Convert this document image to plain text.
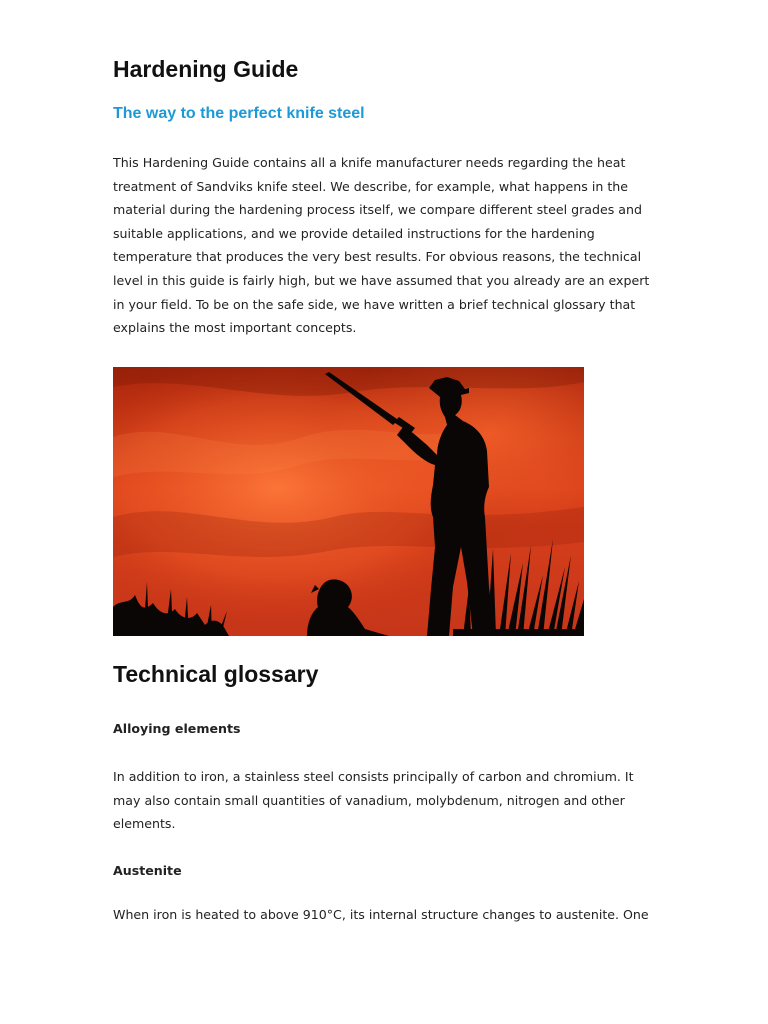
Hardening Guide
The way to the perfect knife steel

This Hardening Guide contains all a knife manufacturer needs regarding the heat treatment of Sandviks knife steel. We describe, for example, what happens in the material during the hardening process itself, we compare different steel grades and suitable applications, and we provide detailed instructions for the hardening temperature that produces the very best results. For obvious reasons, the technical level in this guide is fairly high, but we have assumed that you already are an expert in your field. To be on the safe side, we have written a brief technical glossary that explains the most important concepts.

Technical glossary
Alloying elements

In addition to iron, a stainless steel consists principally of carbon and chromium. It may also contain small quantities of vanadium, molybdenum, nitrogen and other elements.

Austenite

When iron is heated to above 910°C, its internal structure changes to austenite. One
